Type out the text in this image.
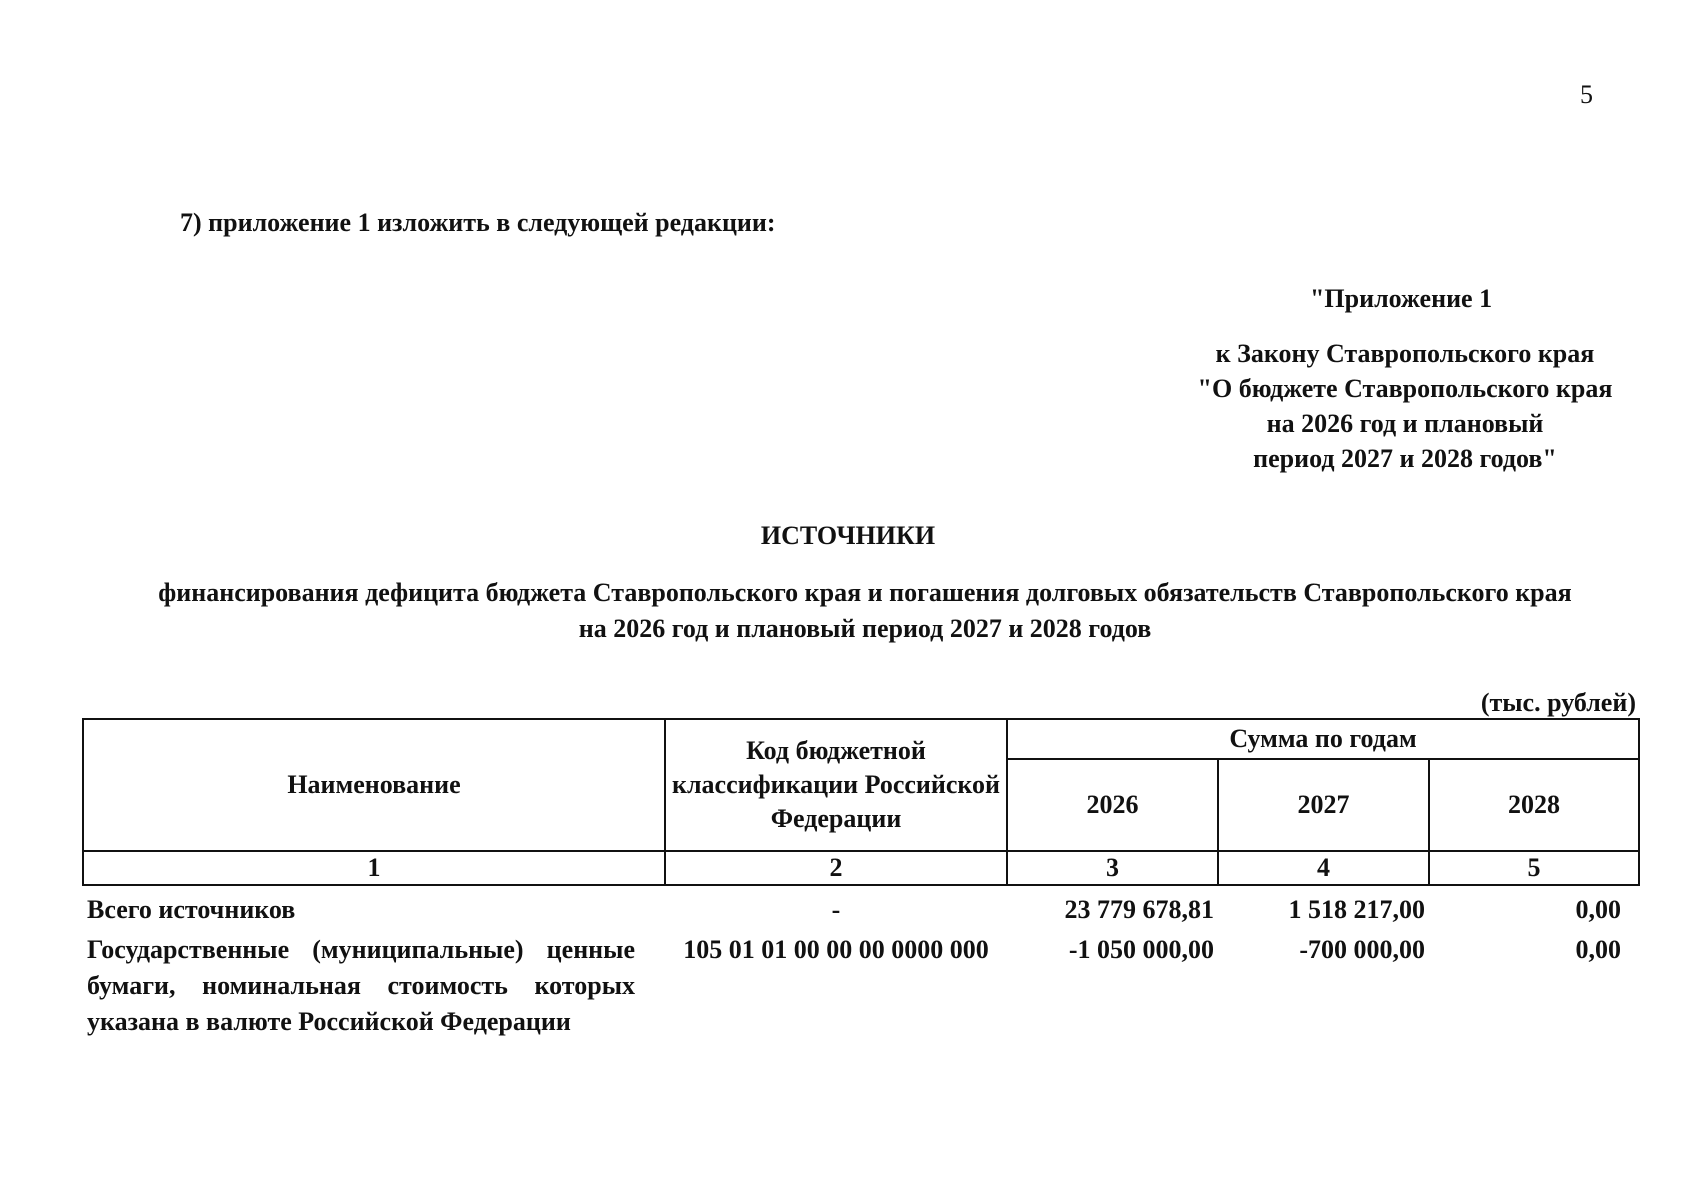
5
7) приложение 1 изложить в следующей редакции:
"Приложение 1
к Закону Ставропольского края
"О бюджете Ставропольского края
на 2026 год и плановый
период 2027 и 2028 годов"
ИСТОЧНИКИ
финансирования дефицита бюджета Ставропольского края и погашения долговых обязательств Ставропольского края
на 2026 год и плановый период 2027 и 2028 годов
(тыс. рублей)
Наименование	Код бюджетной классификации Российской Федерации	Сумма по годам		
		2026	2027	2028
1	2	3	4	5
Всего источников	-	23 779 678,81	1 518 217,00	0,00
Государственные (муниципальные) ценные бумаги, номинальная стоимость которых указана в валюте Российской Федерации	105 01 01 00 00 00 0000 000	-1 050 000,00	-700 000,00	0,00
